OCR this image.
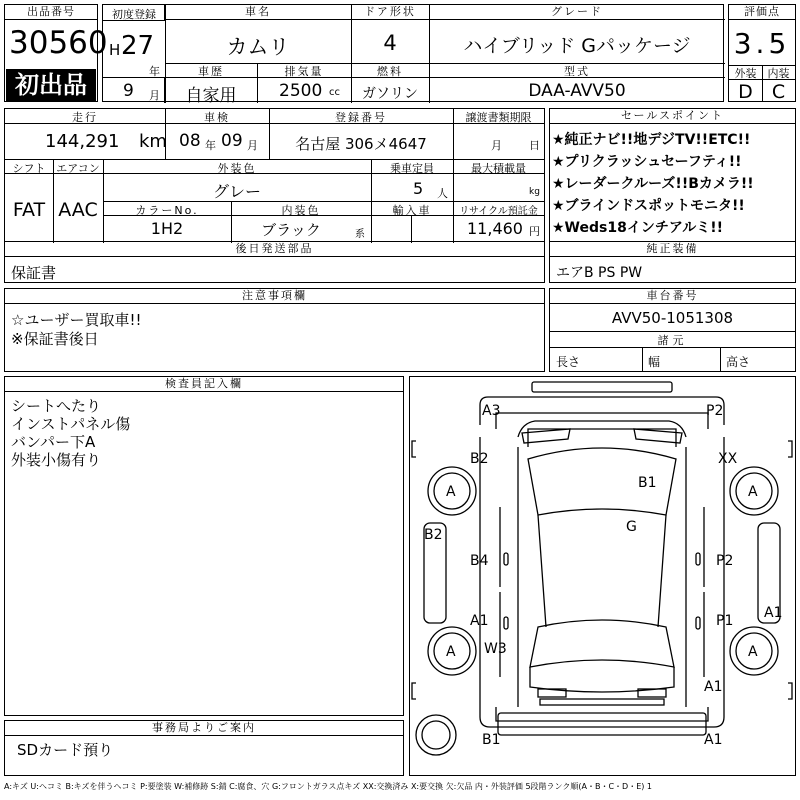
出品番号
30560
初出品
初度登録
H 27
年
9 月
車名
カムリ
ドア形状
4
グレード
ハイブリッド Gパッケージ
車歴
自家用
排気量
2500 cc
燃料
ガソリン
型式
DAA-AVV50
評価点
3.5
外装	内装
D	C
走行
144,291 km
車検
08 年 09 月
登録番号
名古屋 306メ4647
譲渡書類期限
月 日
シフト
FAT
エアコン
AAC
外装色
グレー
乗車定員
5 人
最大積載量
kg
カラーNo.
1H2
内装色
ブラック	系
輸入車	リサイクル預託金
11,460 円
後日発送部品
保証書
セールスポイント
★純正ナビ!!地デジTV!!ETC!!
★プリクラッシュセーフティ!!
★レーダークルーズ!!Bカメラ!!
★ブラインドスポットモニタ!!
★Weds18インチアルミ!!
純正装備
エアB PS PW
注意事項欄
☆ユーザー買取車!!
※保証書後日
車台番号
AVV50-1051308
諸元
長さ	幅	高さ
検査員記入欄
シートへたり
インストパネル傷
バンパー下A
外装小傷有り
事務局よりご案内
SDカード預り
A3	P2
B2	XX
B1
G
B2
B4	P2
A1	P1 A1
W3
A1
B1	A1
A	A
A	A
A:キズ U:ヘコミ B:キズを伴うヘコミ P:要塗装 W:補修跡 S:錆 C:腐食、穴 G:フロントガラス点キズ XX:交換済み X:要交換 欠:欠品 内・外装評価 5段階ランク順(A・B・C・D・E) 1
